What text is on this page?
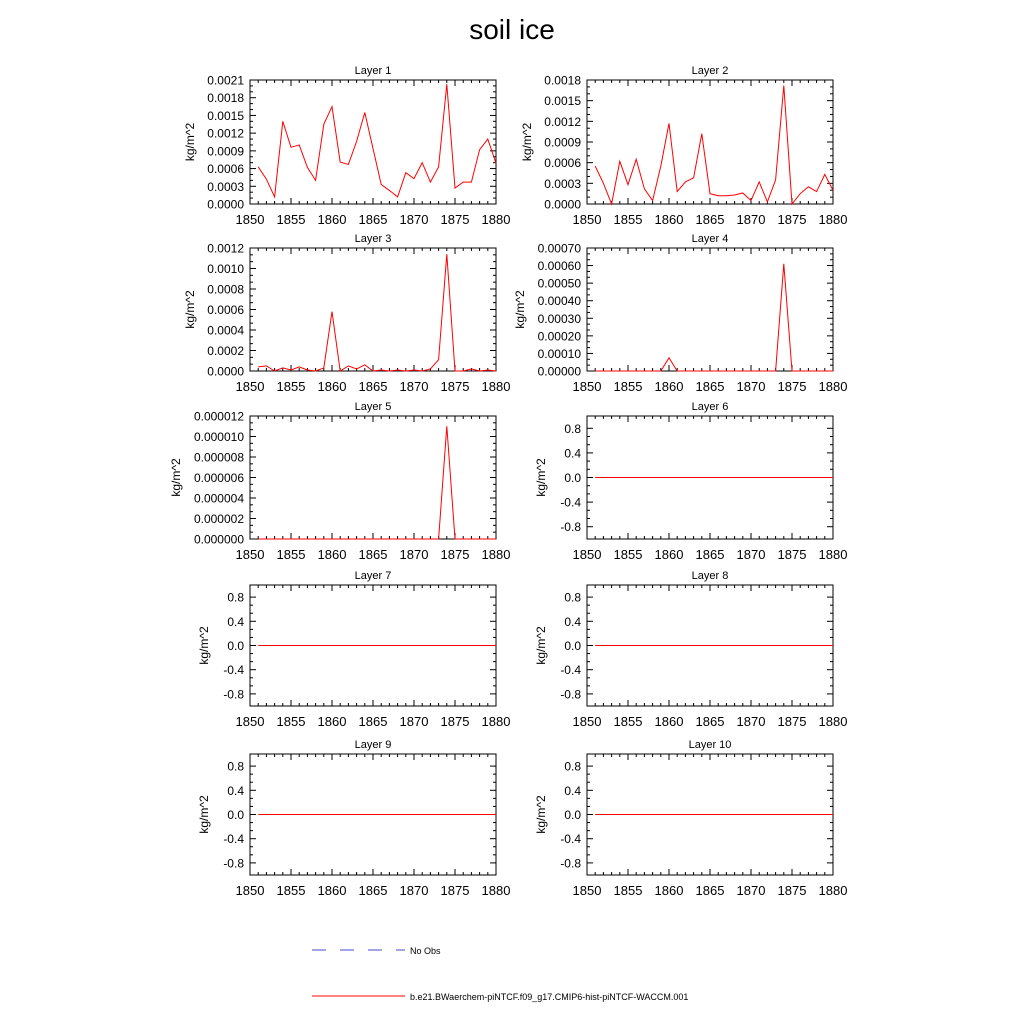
soil ice
Layer 1
1850 1855 1860 1865 1870 1875 1880
0.0000
0.0003
0.0006
0.0009
0.0012
0.0015
0.0018
0.0021
kg/m^2
Layer 2
1850 1855 1860 1865 1870 1875 1880
0.0000
0.0003
0.0006
0.0009
0.0012
0.0015
0.0018
kg/m^2
Layer 3
1850 1855 1860 1865 1870 1875 1880
0.0000
0.0002
0.0004
0.0006
0.0008
0.0010
0.0012
kg/m^2
Layer 4
1850 1855 1860 1865 1870 1875 1880
0.00000
0.00010
0.00020
0.00030
0.00040
0.00050
0.00060
0.00070
kg/m^2
Layer 5
1850 1855 1860 1865 1870 1875 1880
0.000000
0.000002
0.000004
0.000006
0.000008
0.000010
0.000012
kg/m^2
Layer 6
1850 1855 1860 1865 1870 1875 1880
-0.8
-0.4
0.0
0.4
0.8
kg/m^2
Layer 7
1850 1855 1860 1865 1870 1875 1880
-0.8
-0.4
0.0
0.4
0.8
kg/m^2
Layer 8
1850 1855 1860 1865 1870 1875 1880
-0.8
-0.4
0.0
0.4
0.8
kg/m^2
Layer 9
1850 1855 1860 1865 1870 1875 1880
-0.8
-0.4
0.0
0.4
0.8
kg/m^2
Layer 10
1850 1855 1860 1865 1870 1875 1880
-0.8
-0.4
0.0
0.4
0.8
kg/m^2
No Obs
b.e21.BWaerchem-piNTCF.f09_g17.CMIP6-hist-piNTCF-WACCM.001
